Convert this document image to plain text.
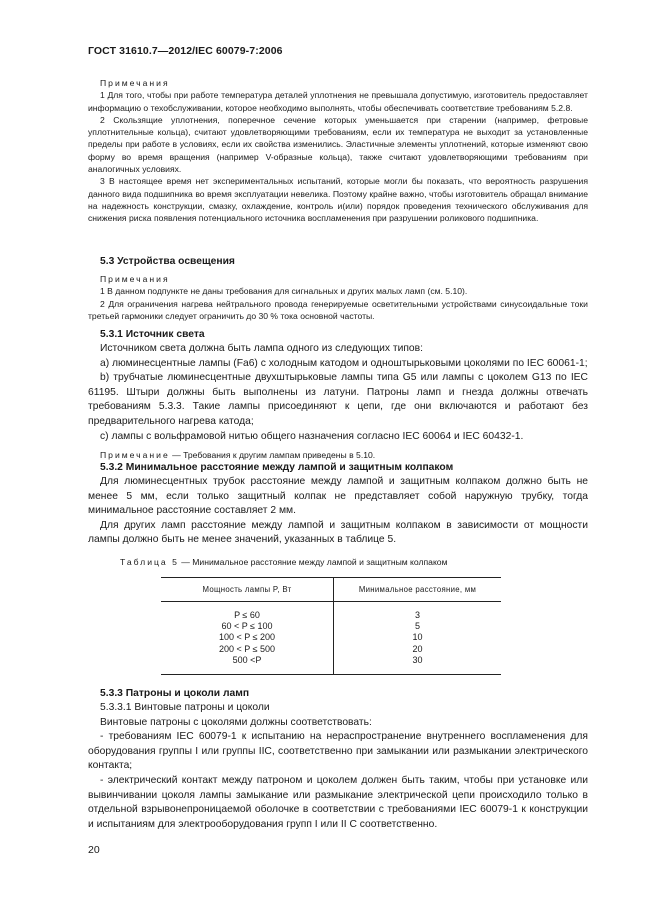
ГОСТ 31610.7—2012/IEC 60079-7:2006

Примечания

1 Для того, чтобы при работе температура деталей уплотнения не превышала допустимую, изготовитель предоставляет информацию о техобслуживании, которое необходимо выполнять, чтобы обеспечивать соответствие требованиям 5.2.8.

2 Скользящие уплотнения, поперечное сечение которых уменьшается при старении (например, фетровые уплотнительные кольца), считают удовлетворяющими требованиям, если их температура не выходит за установленные пределы при работе в условиях, если их свойства изменились. Эластичные элементы уплотнений, которые изменяют свою форму во время вращения (например V-образные кольца), также считают удовлетворяющими требованиям при аналогичных условиях.

3 В настоящее время нет экспериментальных испытаний, которые могли бы показать, что вероятность разрушения данного вида подшипника во время эксплуатации невелика. Поэтому крайне важно, чтобы изготовитель обращал внимание на надежность конструкции, смазку, охлаждение, контроль и(или) порядок проведения технического обслуживания для снижения риска появления потенциального источника воспламенения при разрушении роликового подшипника.

5.3 Устройства освещения

Примечания

1 В данном подпункте не даны требования для сигнальных и других малых ламп (см. 5.10).

2 Для ограничения нагрева нейтрального провода генерируемые осветительными устройствами синусоидальные токи третьей гармоники следует ограничить до 30 % тока основной частоты.

5.3.1 Источник света

Источником света должна быть лампа одного из следующих типов:

a) люминесцентные лампы (Fa6) с холодным катодом и одноштырьковыми цоколями по IEC 60061-1;

b) трубчатые люминесцентные двухштырьковые лампы типа G5 или лампы с цоколем G13 по IEC 61195. Штыри должны быть выполнены из латуни. Патроны ламп и гнезда должны отвечать требованиям 5.3.3. Такие лампы присоединяют к цепи, где они включаются и работают без предварительного нагрева катода;

c) лампы с вольфрамовой нитью общего назначения согласно IEC 60064 и IEC 60432-1.

Примечание — Требования к другим лампам приведены в 5.10.

5.3.2 Минимальное расстояние между лампой и защитным колпаком

Для люминесцентных трубок расстояние между лампой и защитным колпаком должно быть не менее 5 мм, если только защитный колпак не представляет собой наружную трубку, тогда минимальное расстояние составляет 2 мм.

Для других ламп расстояние между лампой и защитным колпаком в зависимости от мощности лампы должно быть не менее значений, указанных в таблице 5.

Таблица 5 — Минимальное расстояние между лампой и защитным колпаком
Мощность лампы P, Вт	Минимальное расстояние, мм
P ≤ 60	3
60 < P ≤ 100	5
100 < P ≤ 200	10
200 < P ≤ 500	20
500 <P	30
5.3.3 Патроны и цоколи ламп

5.3.3.1 Винтовые патроны и цоколи

Винтовые патроны с цоколями должны соответствовать:

- требованиям IEC 60079-1 к испытанию на нераспространение внутреннего воспламенения для оборудования группы I или группы IIC, соответственно при замыкании или размыкании электрического контакта;

- электрический контакт между патроном и цоколем должен быть таким, чтобы при установке или вывинчивании цоколя лампы замыкание или размыкание электрической цепи происходило только в отдельной взрывонепроницаемой оболочке в соответствии с требованиями IEC 60079-1 к конструкции и испытаниям для электрооборудования групп I или II С соответственно.

20
